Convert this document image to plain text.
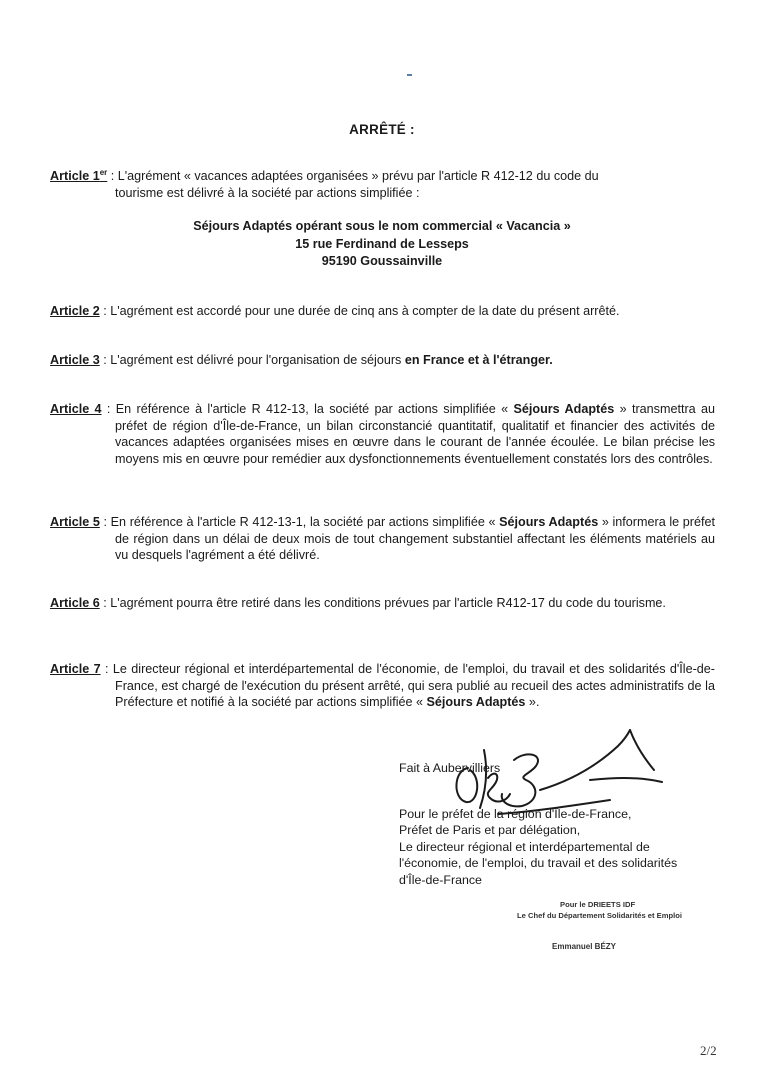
ARRÊTÉ :
Article 1er : L'agrément « vacances adaptées organisées » prévu par l'article R 412-12 du code du
tourisme est délivré à la société par actions simplifiée :
Séjours Adaptés opérant sous le nom commercial « Vacancia »
15 rue Ferdinand de Lesseps
95190 Goussainville
Article 2 : L'agrément est accordé pour une durée de cinq ans à compter de la date du présent arrêté.
Article 3 : L'agrément est délivré pour l'organisation de séjours en France et à l'étranger.
Article 4 : En référence à l'article R 412-13, la société par actions simplifiée « Séjours Adaptés » transmettra au préfet de région d'Île-de-France, un bilan circonstancié quantitatif, qualitatif et financier des activités de vacances adaptées organisées mises en œuvre dans le courant de l'année écoulée. Le bilan précise les moyens mis en œuvre pour remédier aux dysfonctionnements éventuellement constatés lors des contrôles.
Article 5 : En référence à l'article R 412-13-1, la société par actions simplifiée « Séjours Adaptés » informera le préfet de région dans un délai de deux mois de tout changement substantiel affectant les éléments matériels au vu desquels l'agrément a été délivré.
Article 6 : L'agrément pourra être retiré dans les conditions prévues par l'article R412-17 du code du tourisme.
Article 7 : Le directeur régional et interdépartemental de l'économie, de l'emploi, du travail et des solidarités d'Île-de-France, est chargé de l'exécution du présent arrêté, qui sera publié au recueil des actes administratifs de la Préfecture et notifié à la société par actions simplifiée « Séjours Adaptés ».
Fait à Aubervilliers
Pour le préfet de la région d'Île-de-France,
Préfet de Paris et par délégation,
Le directeur régional et interdépartemental de
l'économie, de l'emploi, du travail et des solidarités
d'Île-de-France
Pour le DRIEETS IDF
Le Chef du Département Solidarités et Emploi
Emmanuel BÉZY
2/2
